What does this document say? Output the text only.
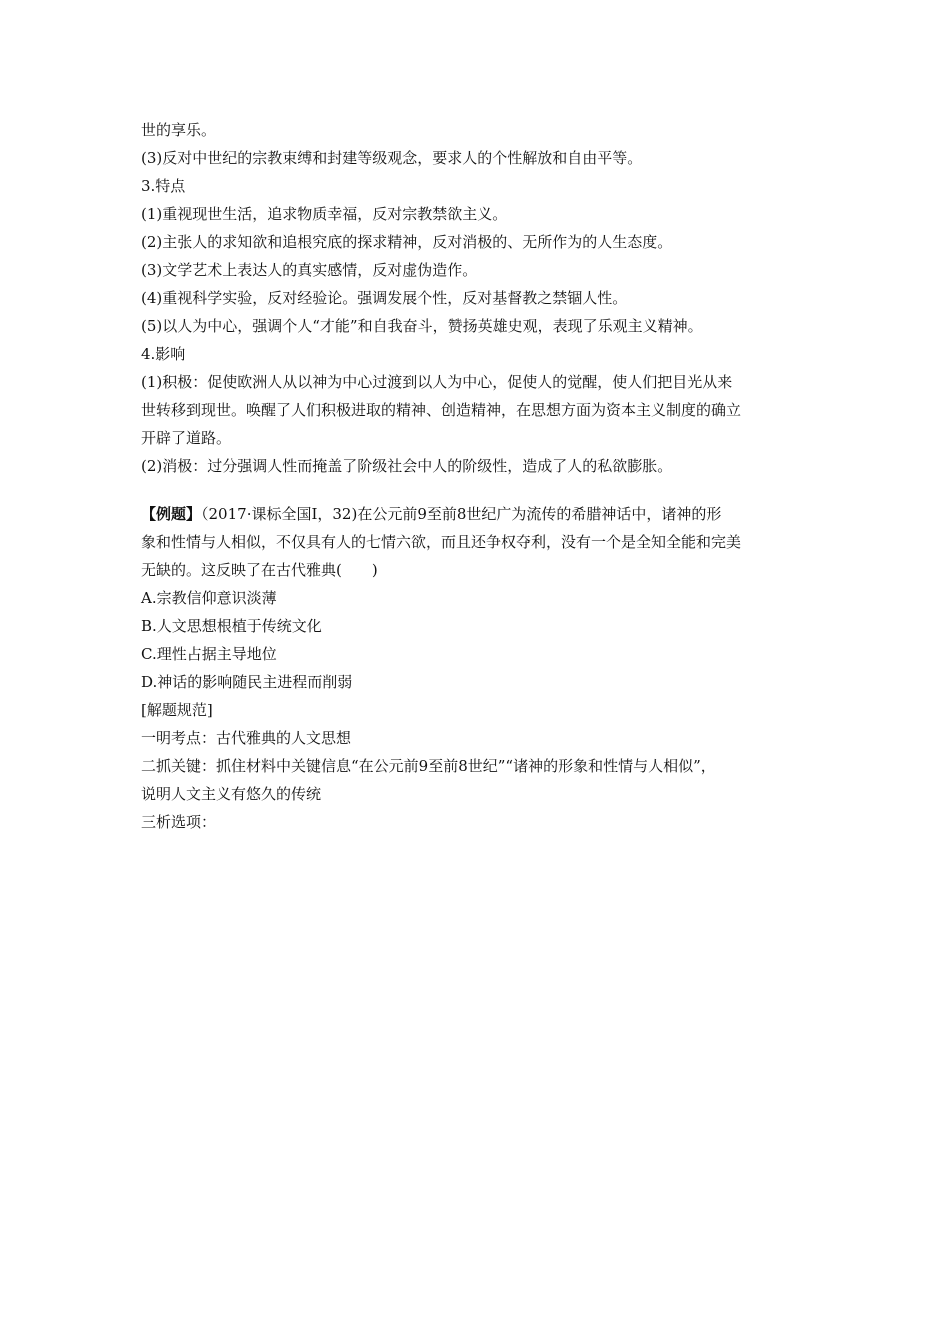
世的享乐。

(3)反对中世纪的宗教束缚和封建等级观念，要求人的个性解放和自由平等。

3.特点

(1)重视现世生活，追求物质幸福，反对宗教禁欲主义。

(2)主张人的求知欲和追根究底的探求精神，反对消极的、无所作为的人生态度。

(3)文学艺术上表达人的真实感情，反对虚伪造作。

(4)重视科学实验，反对经验论。强调发展个性，反对基督教之禁锢人性。

(5)以人为中心，强调个人“才能”和自我奋斗，赞扬英雄史观，表现了乐观主义精神。

4.影响

(1)积极：促使欧洲人从以神为中心过渡到以人为中心，促使人的觉醒，使人们把目光从来

世转移到现世。唤醒了人们积极进取的精神、创造精神，在思想方面为资本主义制度的确立

开辟了道路。

(2)消极：过分强调人性而掩盖了阶级社会中人的阶级性，造成了人的私欲膨胀。

【例题】（2017·课标全国Ⅰ，32)在公元前9至前8世纪广为流传的希腊神话中，诸神的形

象和性情与人相似，不仅具有人的七情六欲，而且还争权夺利，没有一个是全知全能和完美

无缺的。这反映了在古代雅典(　　)

A.宗教信仰意识淡薄

B.人文思想根植于传统文化

C.理性占据主导地位

D.神话的影响随民主进程而削弱

[解题规范]

一明考点：古代雅典的人文思想

二抓关键：抓住材料中关键信息“在公元前9至前8世纪”“诸神的形象和性情与人相似”，

说明人文主义有悠久的传统

三析选项：
